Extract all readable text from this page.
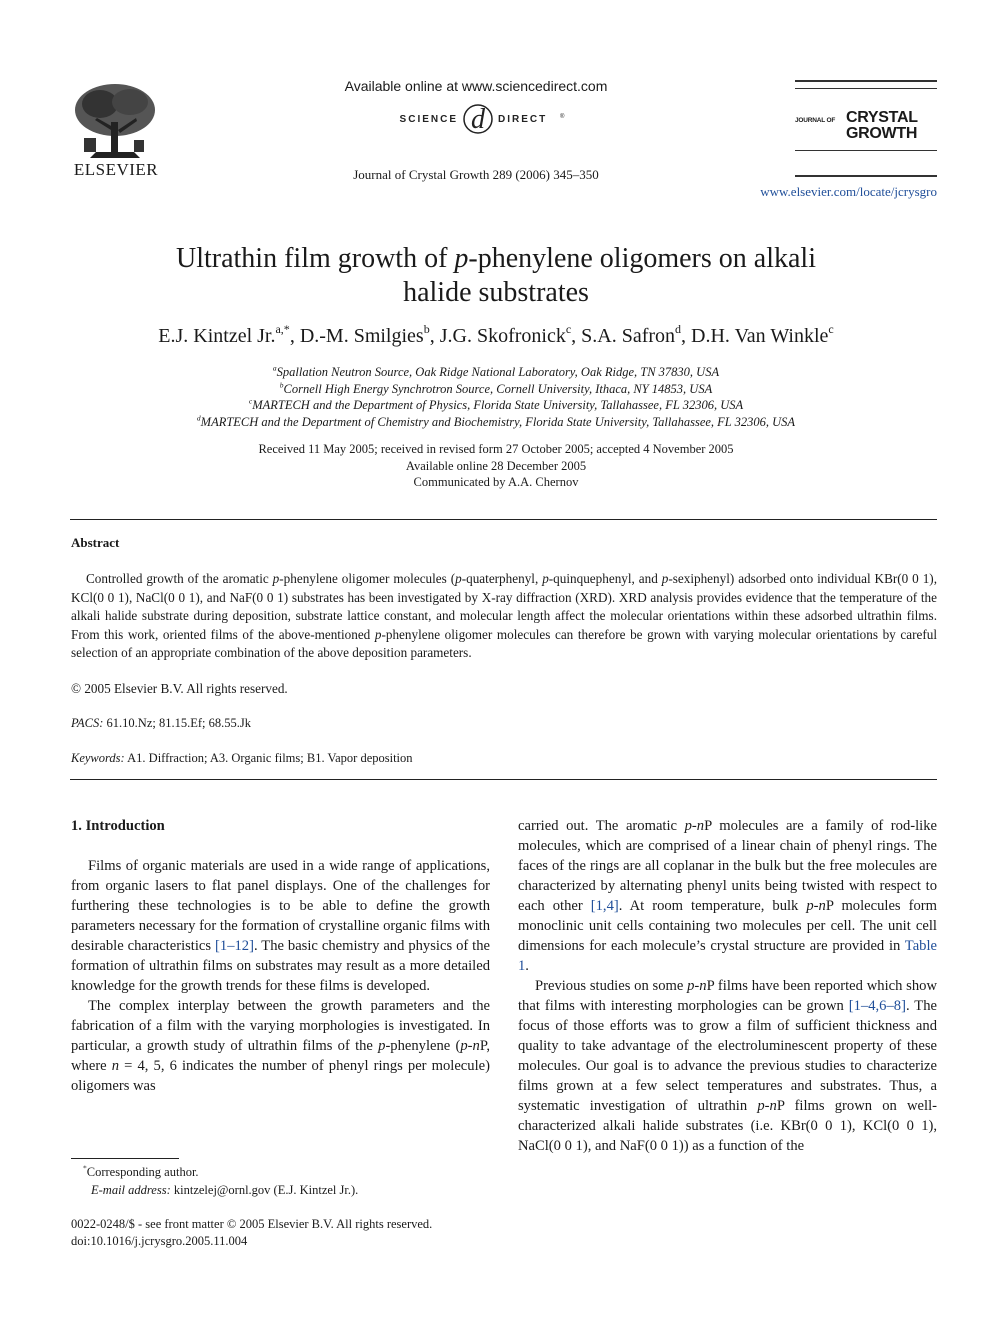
ELSEVIER
Available online at www.sciencedirect.com
SCIENCE d DIRECT ®
Journal of Crystal Growth 289 (2006) 345–350
JOURNAL OF CRYSTAL
GROWTH
www.elsevier.com/locate/jcrysgro
Ultrathin film growth of p-phenylene oligomers on alkali
halide substrates
E.J. Kintzel Jr.$^{a,*}$, D.-M. Smilgies$^b$, J.G. Skofronick$^c$, S.A. Safron$^d$, D.H. Van Winkle$^c$
$^a$Spallation Neutron Source, Oak Ridge National Laboratory, Oak Ridge, TN 37830, USA
$^b$Cornell High Energy Synchrotron Source, Cornell University, Ithaca, NY 14853, USA
$^c$MARTECH and the Department of Physics, Florida State University, Tallahassee, FL 32306, USA
$^d$MARTECH and the Department of Chemistry and Biochemistry, Florida State University, Tallahassee, FL 32306, USA
Received 11 May 2005; received in revised form 27 October 2005; accepted 4 November 2005
Available online 28 December 2005
Communicated by A.A. Chernov
Abstract
Controlled growth of the aromatic p-phenylene oligomer molecules (p-quaterphenyl, p-quinquephenyl, and p-sexiphenyl) adsorbed onto individual KBr(0 0 1), KCl(0 0 1), NaCl(0 0 1), and NaF(0 0 1) substrates has been investigated by X-ray diffraction (XRD). XRD analysis provides evidence that the temperature of the alkali halide substrate during deposition, substrate lattice constant, and molecular length affect the molecular orientations within these adsorbed ultrathin films. From this work, oriented films of the above-mentioned p-phenylene oligomer molecules can therefore be grown with varying molecular orientations by careful selection of an appropriate combination of the above deposition parameters.
© 2005 Elsevier B.V. All rights reserved.
PACS: 61.10.Nz; 81.15.Ef; 68.55.Jk
Keywords: A1. Diffraction; A3. Organic films; B1. Vapor deposition
1. Introduction

Films of organic materials are used in a wide range of applications, from organic lasers to flat panel displays. One of the challenges for furthering these technologies is to be able to define the growth parameters necessary for the formation of crystalline organic films with desirable characteristics [1–12]. The basic chemistry and physics of the formation of ultrathin films on substrates may result as a more detailed knowledge for the growth trends for these films is developed.

The complex interplay between the growth parameters and the fabrication of a film with the varying morphologies is investigated. In particular, a growth study of ultrathin films of the p-phenylene (p-nP, where n = 4, 5, 6 indicates the number of phenyl rings per molecule) oligomers was

carried out. The aromatic p-nP molecules are a family of rod-like molecules, which are comprised of a linear chain of phenyl rings. The faces of the rings are all coplanar in the bulk but the free molecules are characterized by alternating phenyl units being twisted with respect to each other [1,4]. At room temperature, bulk p-nP molecules form monoclinic unit cells containing two molecules per cell. The unit cell dimensions for each molecule’s crystal structure are provided in Table 1.

Previous studies on some p-nP films have been reported which show that films with interesting morphologies can be grown [1–4,6–8]. The focus of those efforts was to grow a film of sufficient thickness and quality to take advantage of the electroluminescent property of these molecules. Our goal is to advance the previous studies to characterize films grown at a few select temperatures and substrates. Thus, a systematic investigation of ultrathin p-nP films grown on well-characterized alkali halide substrates (i.e. KBr(0 0 1), KCl(0 0 1), NaCl(0 0 1), and NaF(0 0 1)) as a function of the

*Corresponding author.
E-mail address: kintzelej@ornl.gov (E.J. Kintzel Jr.).
0022-0248/$ - see front matter © 2005 Elsevier B.V. All rights reserved.
doi:10.1016/j.jcrysgro.2005.11.004
